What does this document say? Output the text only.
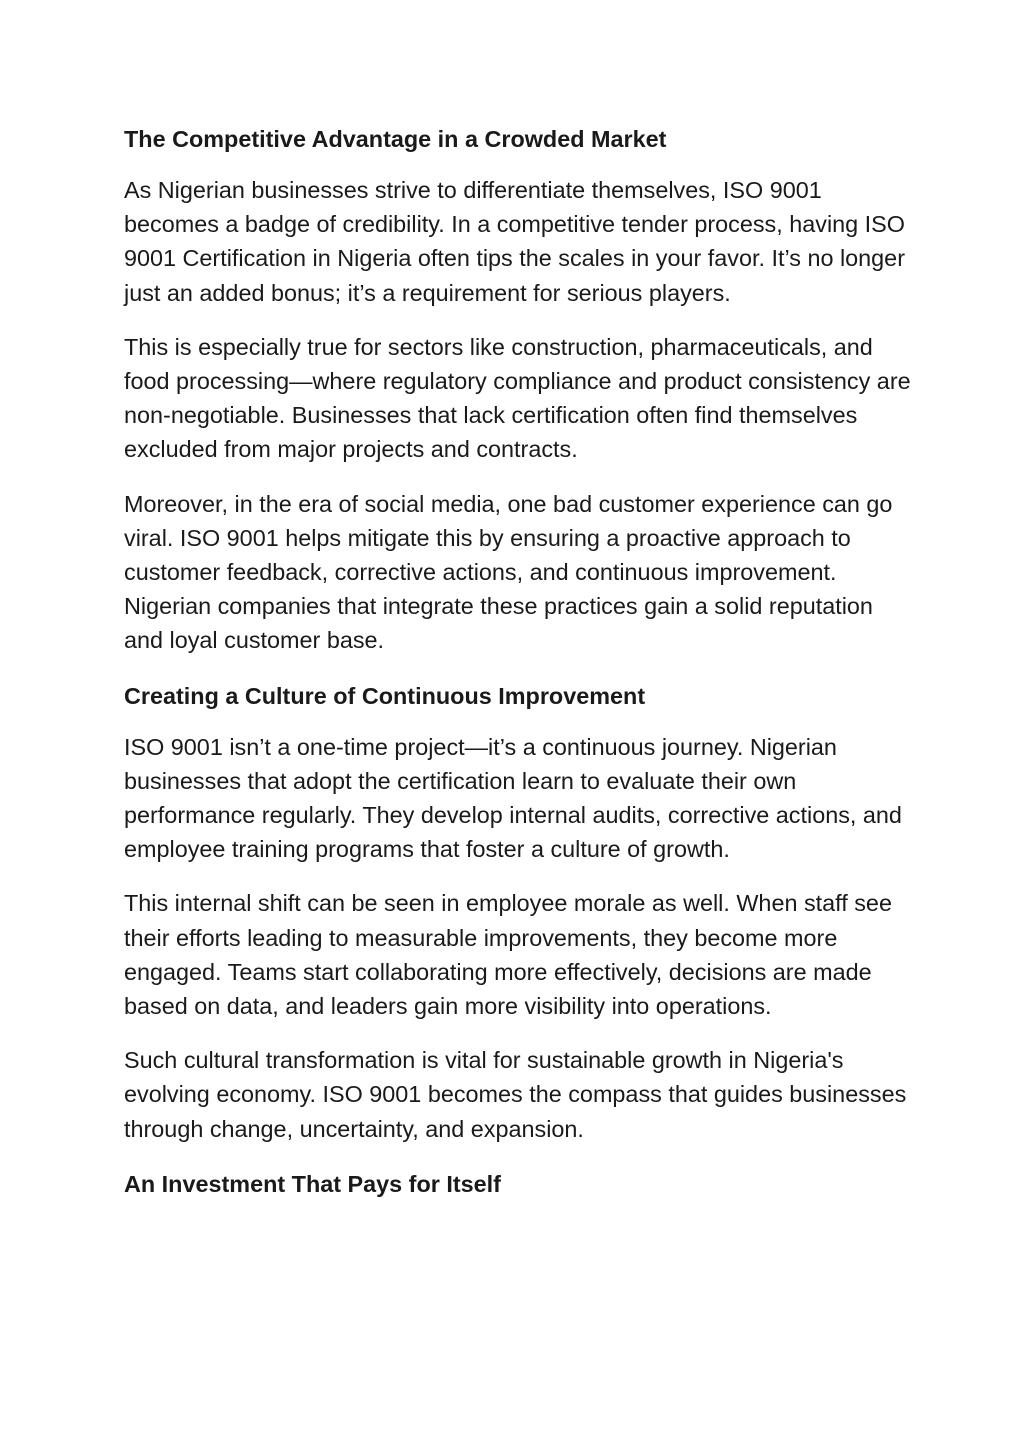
The Competitive Advantage in a Crowded Market

As Nigerian businesses strive to differentiate themselves, ISO 9001 becomes a badge of credibility. In a competitive tender process, having ISO 9001 Certification in Nigeria often tips the scales in your favor. It’s no longer just an added bonus; it’s a requirement for serious players.

This is especially true for sectors like construction, pharmaceuticals, and food processing—where regulatory compliance and product consistency are non-negotiable. Businesses that lack certification often find themselves excluded from major projects and contracts.

Moreover, in the era of social media, one bad customer experience can go viral. ISO 9001 helps mitigate this by ensuring a proactive approach to customer feedback, corrective actions, and continuous improvement. Nigerian companies that integrate these practices gain a solid reputation and loyal customer base.

Creating a Culture of Continuous Improvement

ISO 9001 isn’t a one-time project—it’s a continuous journey. Nigerian businesses that adopt the certification learn to evaluate their own performance regularly. They develop internal audits, corrective actions, and employee training programs that foster a culture of growth.

This internal shift can be seen in employee morale as well. When staff see their efforts leading to measurable improvements, they become more engaged. Teams start collaborating more effectively, decisions are made based on data, and leaders gain more visibility into operations.

Such cultural transformation is vital for sustainable growth in Nigeria's evolving economy. ISO 9001 becomes the compass that guides businesses through change, uncertainty, and expansion.

An Investment That Pays for Itself
